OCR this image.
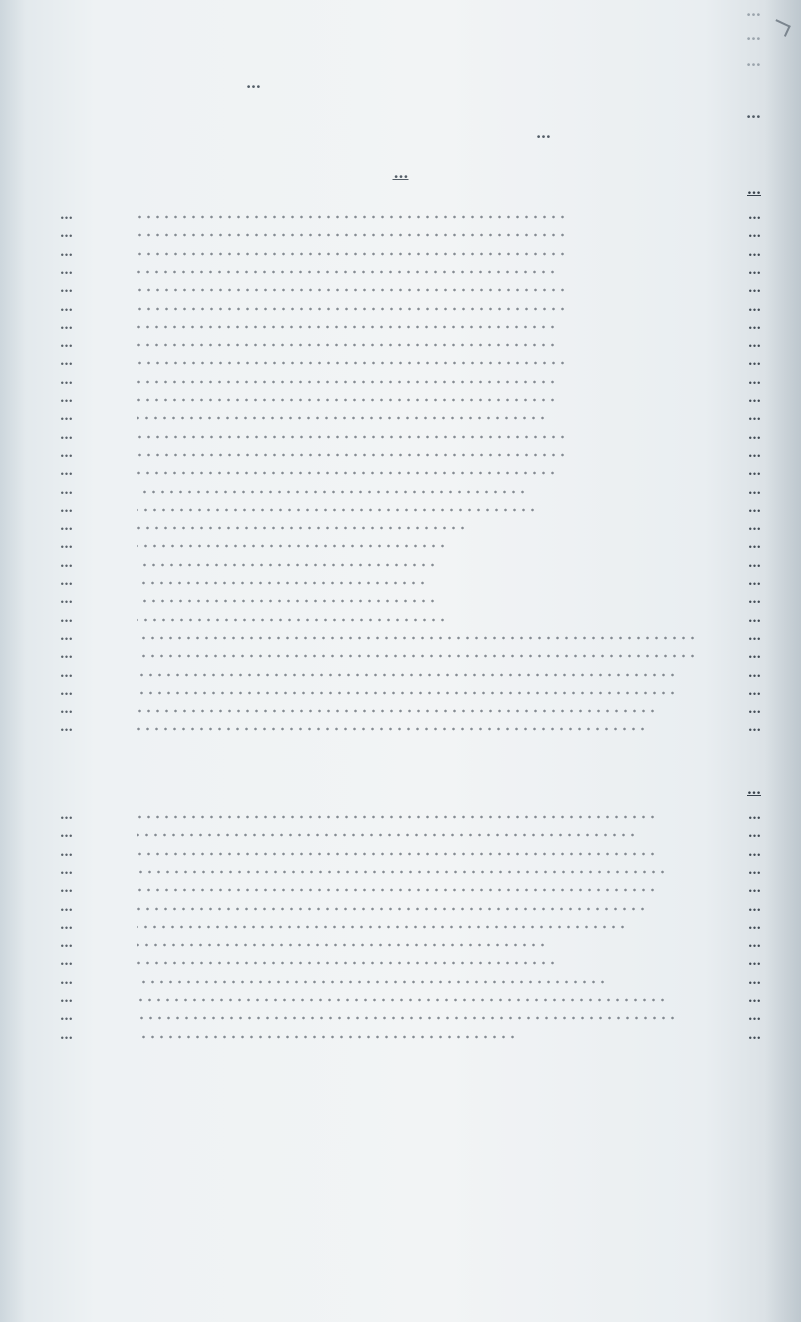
…
…
…
…
…
…
…
…
…
…
…
…
…
…
…
…
…
…
…
…
…
…
…
…
…
…
…
…
…
…
…
…
…
…
…
…
…
…
…
…
…
…
…
…
…
…
…
…
…
…
…
…
…
…
…
…
…
…
…
…
…
…
…
…
…
…
…
…
…
…
…
…
…
…
…
…
…
…
…
…
…
…
…
…
…
…
…
…
…
…
…
…
…
